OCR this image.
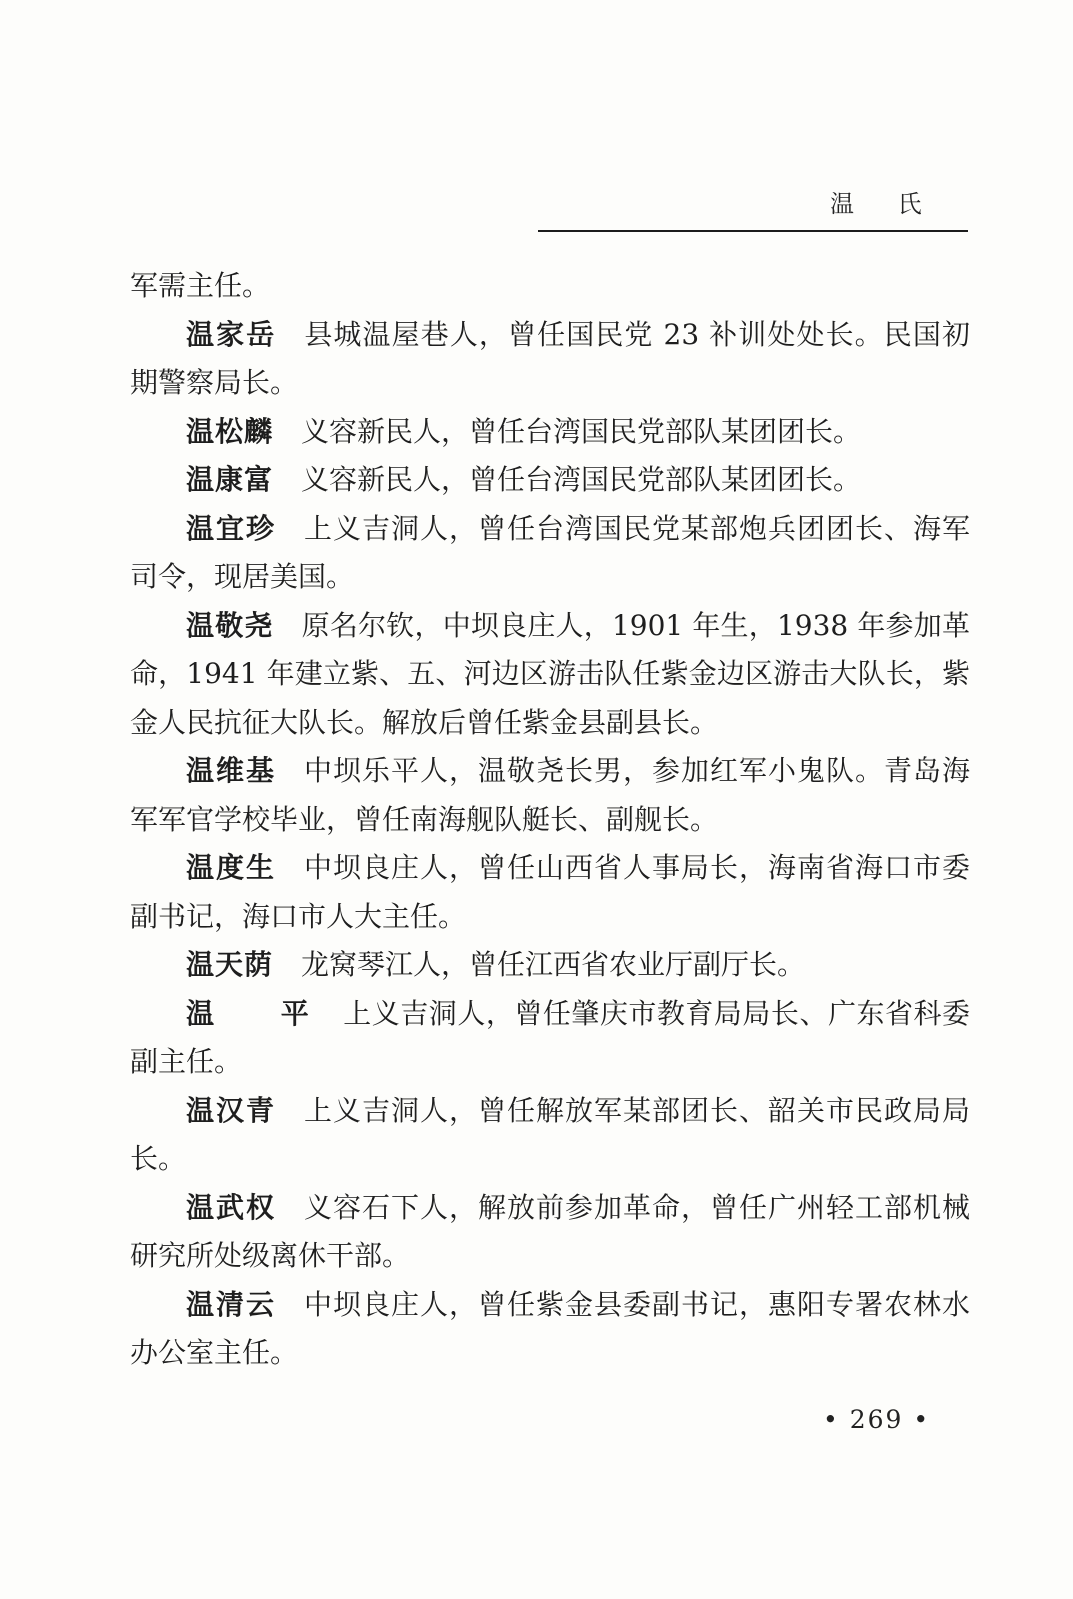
温 氏

军需主任。

温家岳 县城温屋巷人，曾任国民党 23 补训处处长。民国初期警察局长。

温松麟 义容新民人，曾任台湾国民党部队某团团长。

温康富 义容新民人，曾任台湾国民党部队某团团长。

温宜珍 上义吉洞人，曾任台湾国民党某部炮兵团团长、海军司令，现居美国。

温敬尧 原名尔钦，中坝良庄人，1901 年生，1938 年参加革命，1941 年建立紫、五、河边区游击队任紫金边区游击大队长，紫金人民抗征大队长。解放后曾任紫金县副县长。

温维基 中坝乐平人，温敬尧长男，参加红军小鬼队。青岛海军军官学校毕业，曾任南海舰队艇长、副舰长。

温度生 中坝良庄人，曾任山西省人事局长，海南省海口市委副书记，海口市人大主任。

温天荫 龙窝琴江人，曾任江西省农业厅副厅长。

温 平 上义吉洞人，曾任肇庆市教育局局长、广东省科委副主任。

温汉青 上义吉洞人，曾任解放军某部团长、韶关市民政局局长。

温武权 义容石下人，解放前参加革命，曾任广州轻工部机械研究所处级离休干部。

温清云 中坝良庄人，曾任紫金县委副书记，惠阳专署农林水办公室主任。

• 269 •
